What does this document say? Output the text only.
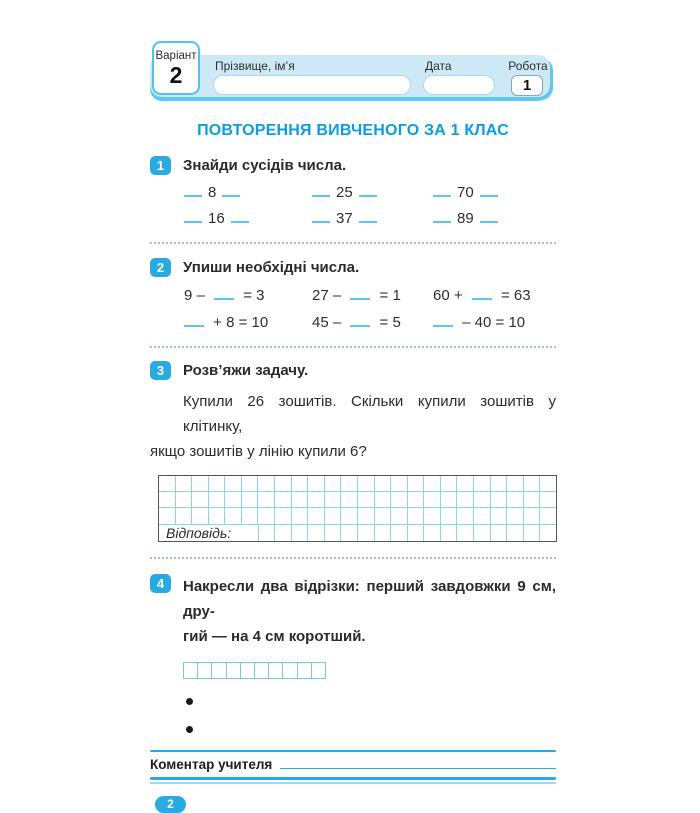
Прізвище, ім’я	Дата	Робота
1
Варіант
2
ПОВТОРЕННЯ ВИВЧЕНОГО ЗА 1 КЛАС
1	Знайди сусідів числа.
8	25	70
16	37	89
2	Упиши необхідні числа.
9 –  = 3	27 –  = 1	60 +  = 63
+ 8 = 10	45 –  = 5	– 40 = 10
3	Розв’яжи задачу.
Купили 26 зошитів. Скільки купили зошитів у клітинку,
якщо зошитів у лінію купили 6?
Відповідь:
4	Накресли два відрізки: перший завдовжки 9 см, дру-
гий — на 4 см коротший.
Коментар учителя
2
